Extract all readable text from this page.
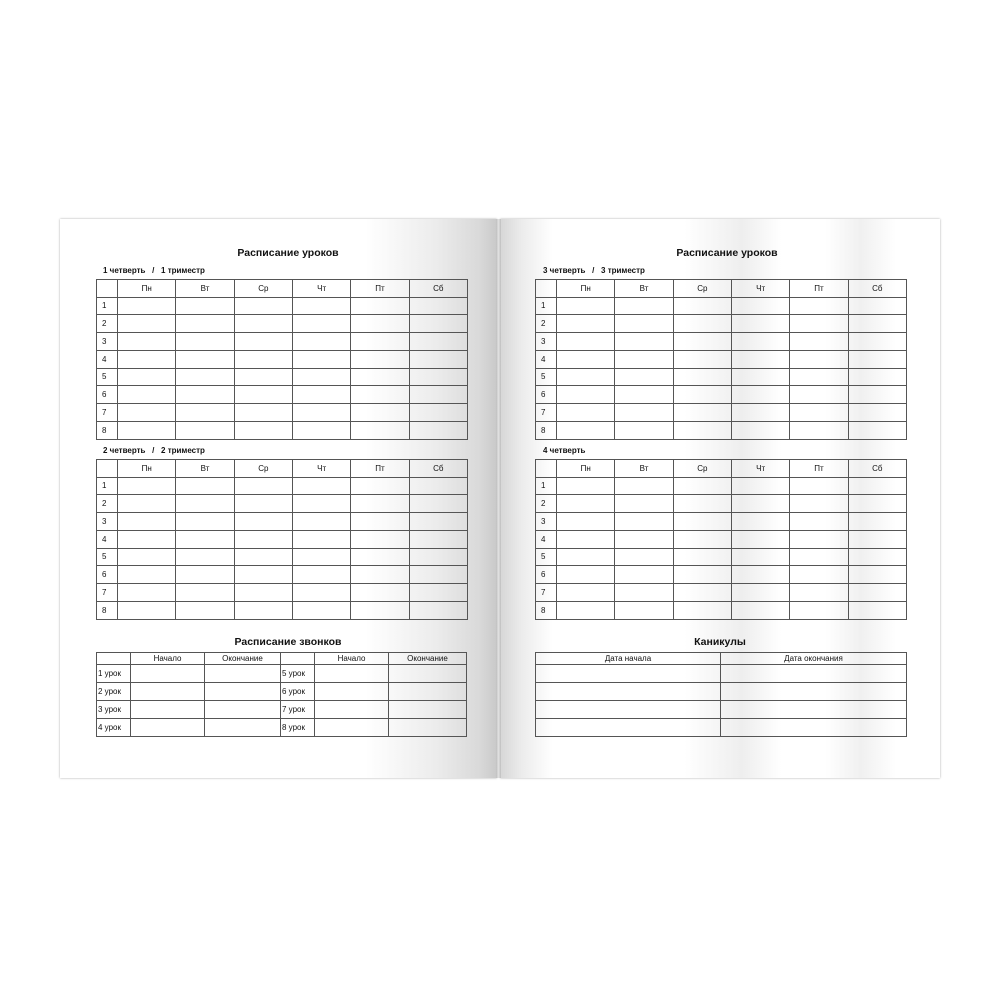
Расписание уроков
1 четверть   /   1 триместр
	Пн	Вт	Ср	Чт	Пт	Сб
1						
2						
3						
4						
5						
6						
7						
8						
2 четверть   /   2 триместр
	Пн	Вт	Ср	Чт	Пт	Сб
1						
2						
3						
4						
5						
6						
7						
8						
Расписание звонков
	Начало	Окончание		Начало	Окончание
1 урок			5 урок		
2 урок			6 урок		
3 урок			7 урок		
4 урок			8 урок		
Расписание уроков
3 четверть   /   3 триместр
	Пн	Вт	Ср	Чт	Пт	Сб
1						
2						
3						
4						
5						
6						
7						
8						
4 четверть
	Пн	Вт	Ср	Чт	Пт	Сб
1						
2						
3						
4						
5						
6						
7						
8						
Каникулы
Дата начала	Дата окончания
